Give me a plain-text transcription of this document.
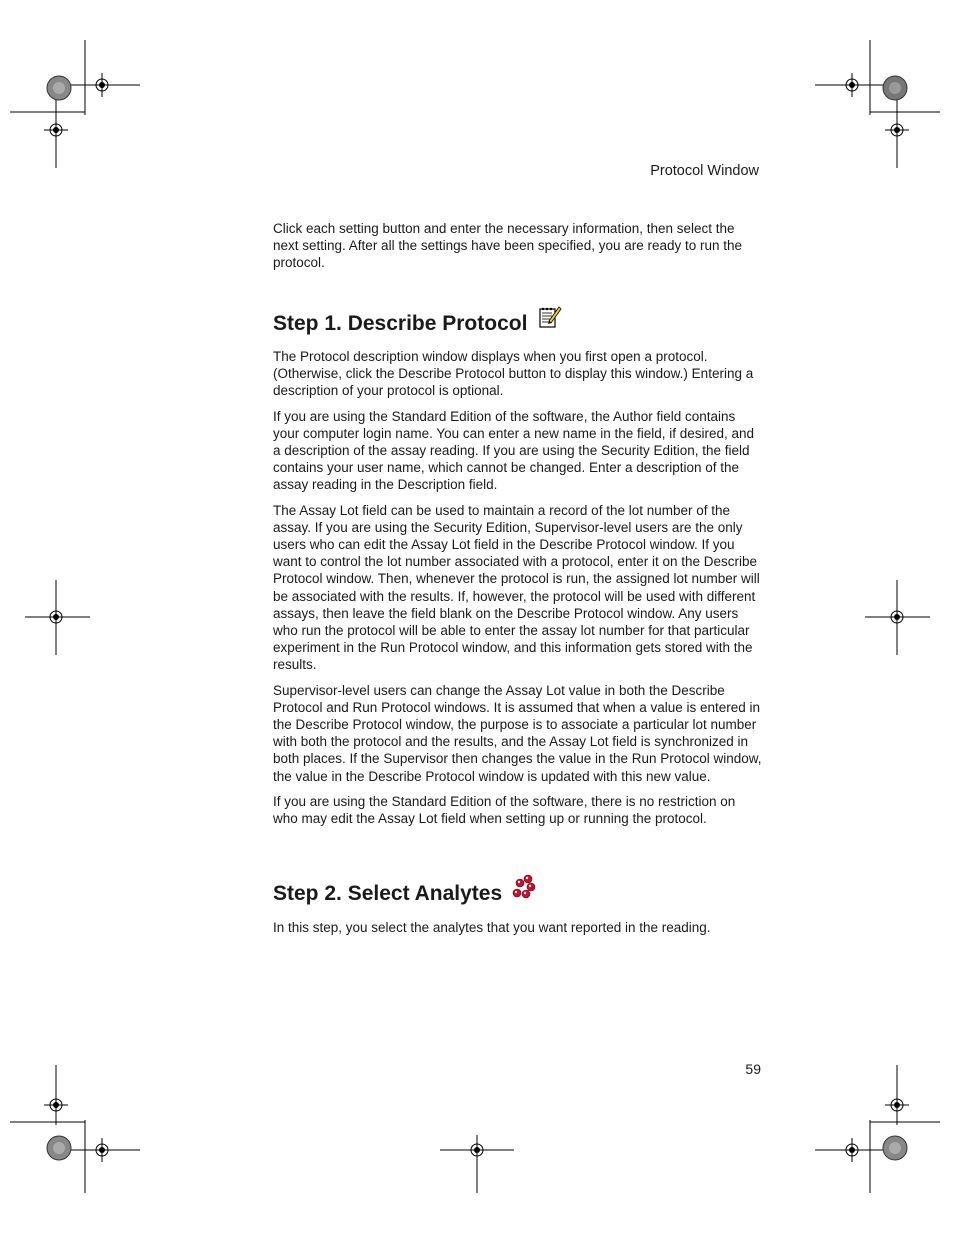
Protocol Window

Click each setting button and enter the necessary information, then select the next setting. After all the settings have been specified, you are ready to run the protocol.

Step 1. Describe Protocol

The Protocol description window displays when you first open a protocol. (Otherwise, click the Describe Protocol button to display this window.) Entering a description of your protocol is optional.

If you are using the Standard Edition of the software, the Author field contains your computer login name. You can enter a new name in the field, if desired, and a description of the assay reading. If you are using the Security Edition, the field contains your user name, which cannot be changed. Enter a description of the assay reading in the Description field.

The Assay Lot field can be used to maintain a record of the lot number of the assay. If you are using the Security Edition, Supervisor-level users are the only users who can edit the Assay Lot field in the Describe Protocol window. If you want to control the lot number associated with a protocol, enter it on the Describe Protocol window. Then, whenever the protocol is run, the assigned lot number will be associated with the results. If, however, the protocol will be used with different assays, then leave the field blank on the Describe Protocol window. Any users who run the protocol will be able to enter the assay lot number for that particular experiment in the Run Protocol window, and this information gets stored with the results.

Supervisor-level users can change the Assay Lot value in both the Describe Protocol and Run Protocol windows. It is assumed that when a value is entered in the Describe Protocol window, the purpose is to associate a particular lot number with both the protocol and the results, and the Assay Lot field is synchronized in both places. If the Supervisor then changes the value in the Run Protocol window, the value in the Describe Protocol window is updated with this new value.

If you are using the Standard Edition of the software, there is no restriction on who may edit the Assay Lot field when setting up or running the protocol.

Step 2. Select Analytes

In this step, you select the analytes that you want reported in the reading.

59
